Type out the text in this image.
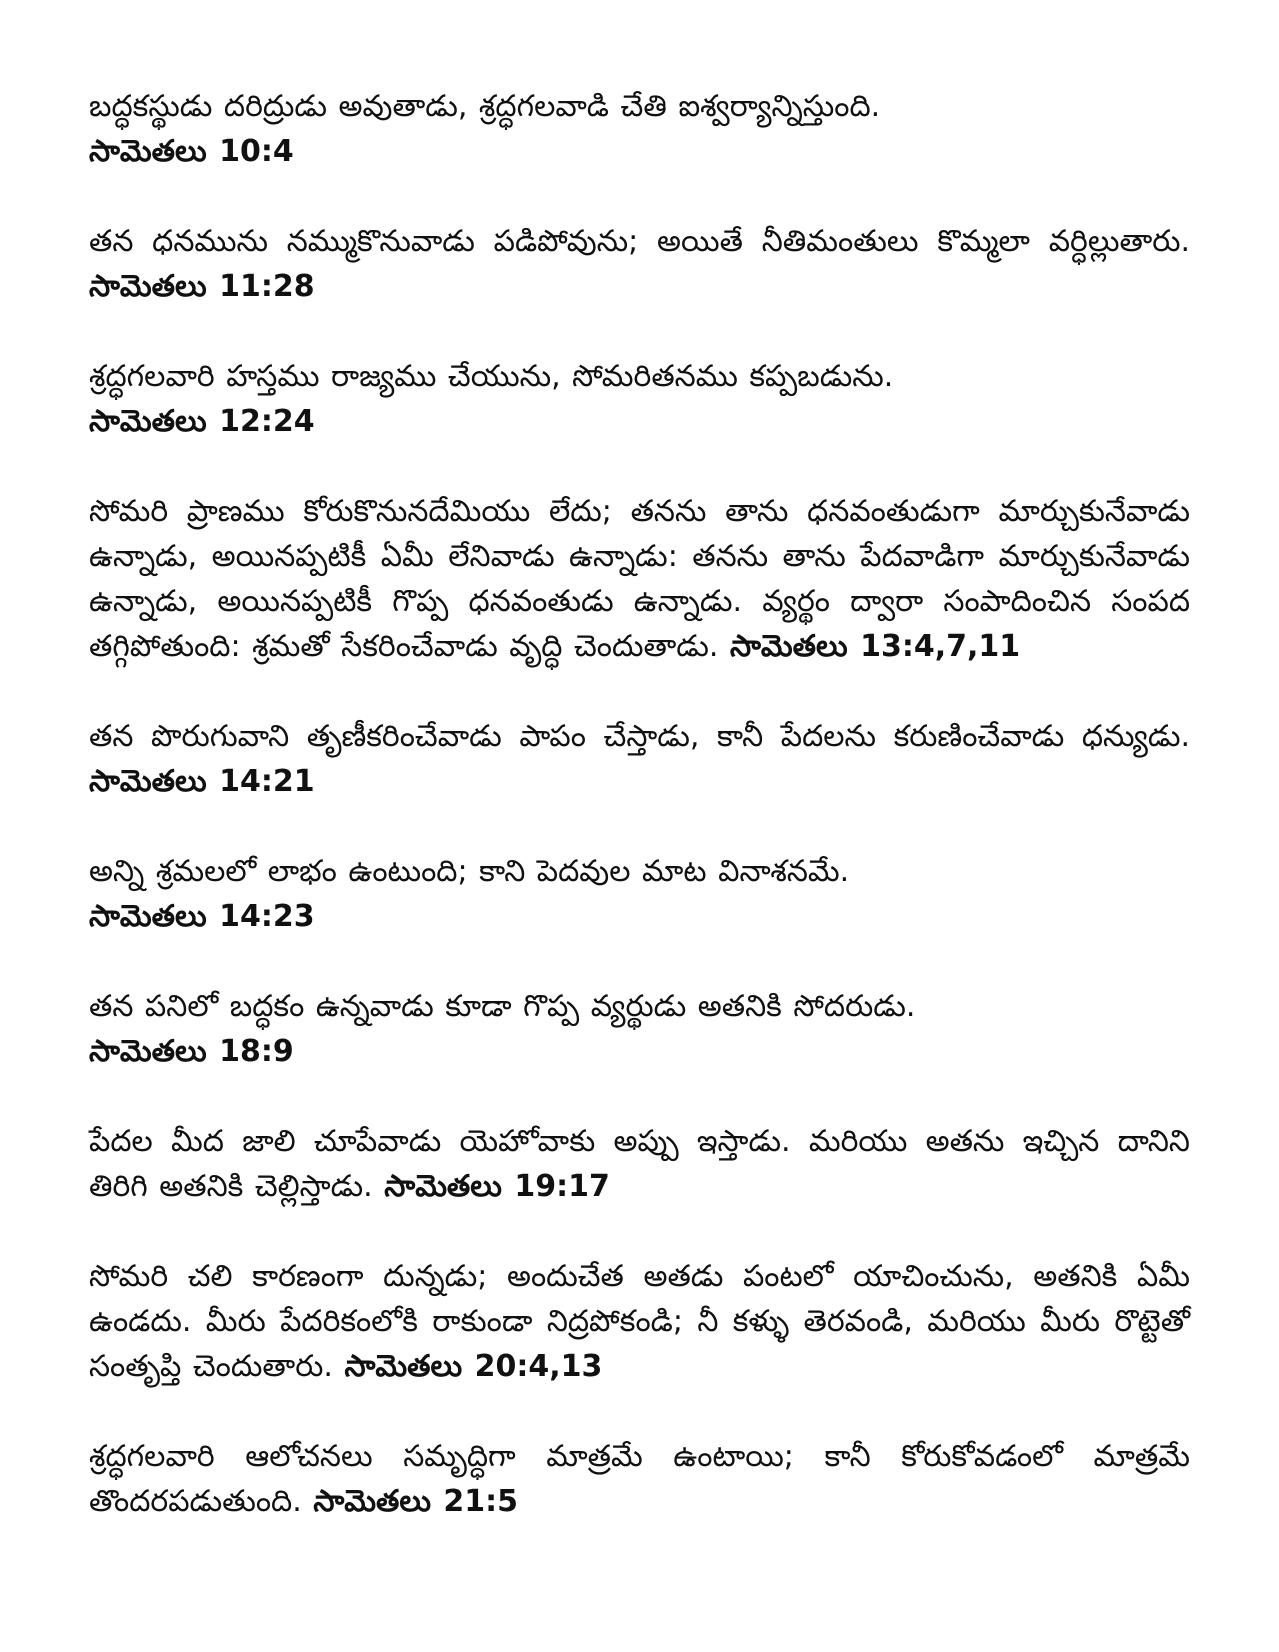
బద్ధకస్థుడు దరిద్రుడు అవుతాడు, శ్రద్ధగలవాడి చేతి ఐశ్వర్యాన్నిస్తుంది.
సామెతలు 10:4

తన ధనమును నమ్ముకొనువాడు పడిపోవును; అయితే నీతిమంతులు కొమ్మలా వర్ధిల్లుతారు. సామెతలు 11:28

శ్రద్ధగలవారి హస్తము రాజ్యము చేయును, సోమరితనము కప్పబడును.
సామెతలు 12:24

సోమరి ప్రాణము కోరుకొనునదేమియు లేదు; తనను తాను ధనవంతుడుగా మార్చుకునేవాడు ఉన్నాడు, అయినప్పటికీ ఏమీ లేనివాడు ఉన్నాడు: తనను తాను పేదవాడిగా మార్చుకునేవాడు ఉన్నాడు, అయినప్పటికీ గొప్ప ధనవంతుడు ఉన్నాడు. వ్యర్థం ద్వారా సంపాదించిన సంపద తగ్గిపోతుంది: శ్రమతో సేకరించేవాడు వృద్ధి చెందుతాడు. సామెతలు 13:4,7,11

తన పొరుగువాని తృణీకరించేవాడు పాపం చేస్తాడు, కానీ పేదలను కరుణించేవాడు ధన్యుడు. సామెతలు 14:21

అన్ని శ్రమలలో లాభం ఉంటుంది; కాని పెదవుల మాట వినాశనమే.
సామెతలు 14:23

తన పనిలో బద్ధకం ఉన్నవాడు కూడా గొప్ప వ్యర్థుడు అతనికి సోదరుడు.
సామెతలు 18:9

పేదల మీద జాలి చూపేవాడు యెహోవాకు అప్పు ఇస్తాడు. మరియు అతను ఇచ్చిన దానిని తిరిగి అతనికి చెల్లిస్తాడు. సామెతలు 19:17

సోమరి చలి కారణంగా దున్నడు; అందుచేత అతడు పంటలో యాచించును, అతనికి ఏమీ ఉండదు. మీరు పేదరికంలోకి రాకుండా నిద్రపోకండి; నీ కళ్ళు తెరవండి, మరియు మీరు రొట్టెతో సంతృప్తి చెందుతారు. సామెతలు 20:4,13

శ్రద్ధగలవారి ఆలోచనలు సమృద్ధిగా మాత్రమే ఉంటాయి; కానీ కోరుకోవడంలో మాత్రమే తొందరపడుతుంది. సామెతలు 21:5
